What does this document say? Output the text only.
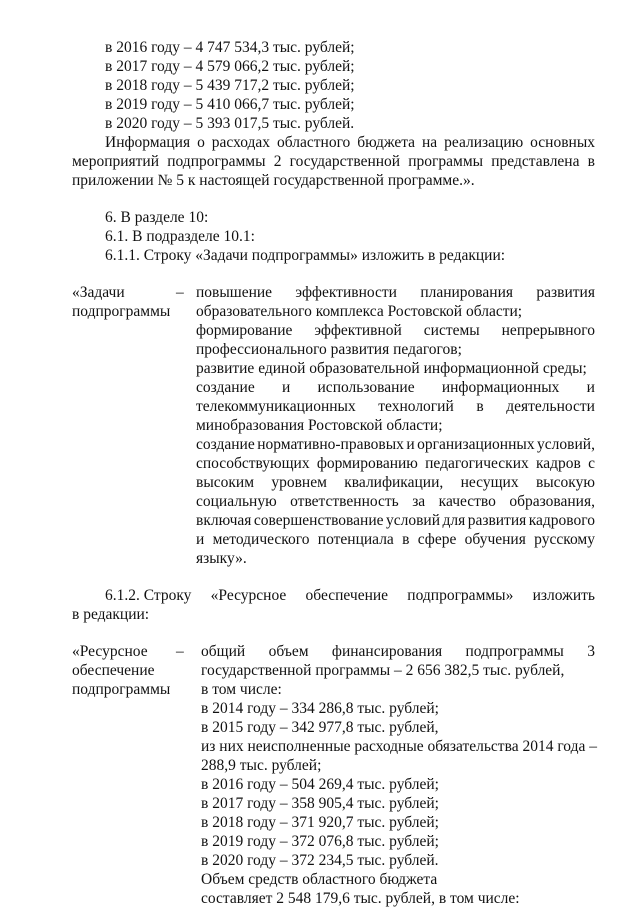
в 2016 году – 4 747 534,3 тыс. рублей;
в 2017 году – 4 579 066,2 тыс. рублей;
в 2018 году – 5 439 717,2 тыс. рублей;
в 2019 году – 5 410 066,7 тыс. рублей;
в 2020 году – 5 393 017,5 тыс. рублей.
Информация о расходах областного бюджета на реализацию основных
мероприятий подпрограммы 2 государственной программы представлена в
приложении № 5 к настоящей государственной программе.».
6. В разделе 10:
6.1. В подразделе 10.1:
6.1.1. Строку «Задачи подпрограммы» изложить в редакции:
«Задачи	–
подпрограммы
повышение эффективности планирования развития
образовательного комплекса Ростовской области;
формирование эффективной системы непрерывного
профессионального развития педагогов;
развитие единой образовательной информационной среды;
создание и использование информационных и
телекоммуникационных технологий в деятельности
минобразования Ростовской области;
создание нормативно-правовых и организационных условий,
способствующих формированию педагогических кадров с
высоким уровнем квалификации, несущих высокую
социальную ответственность за качество образования,
включая совершенствование условий для развития кадрового
и методического потенциала в сфере обучения русскому
языку».
6.1.2. Строку «Ресурсное обеспечение подпрограммы» изложить
в редакции:
«Ресурсное
обеспечение
подпрограммы
– общий объем финансирования подпрограммы 3
государственной программы – 2 656 382,5 тыс. рублей,
в том числе:
в 2014 году – 334 286,8 тыс. рублей;
в 2015 году – 342 977,8 тыс. рублей,
из них неисполненные расходные обязательства 2014 года –
288,9 тыс. рублей;
в 2016 году – 504 269,4 тыс. рублей;
в 2017 году – 358 905,4 тыс. рублей;
в 2018 году – 371 920,7 тыс. рублей;
в 2019 году – 372 076,8 тыс. рублей;
в 2020 году – 372 234,5 тыс. рублей.
Объем средств областного бюджета
составляет 2 548 179,6 тыс. рублей, в том числе:
